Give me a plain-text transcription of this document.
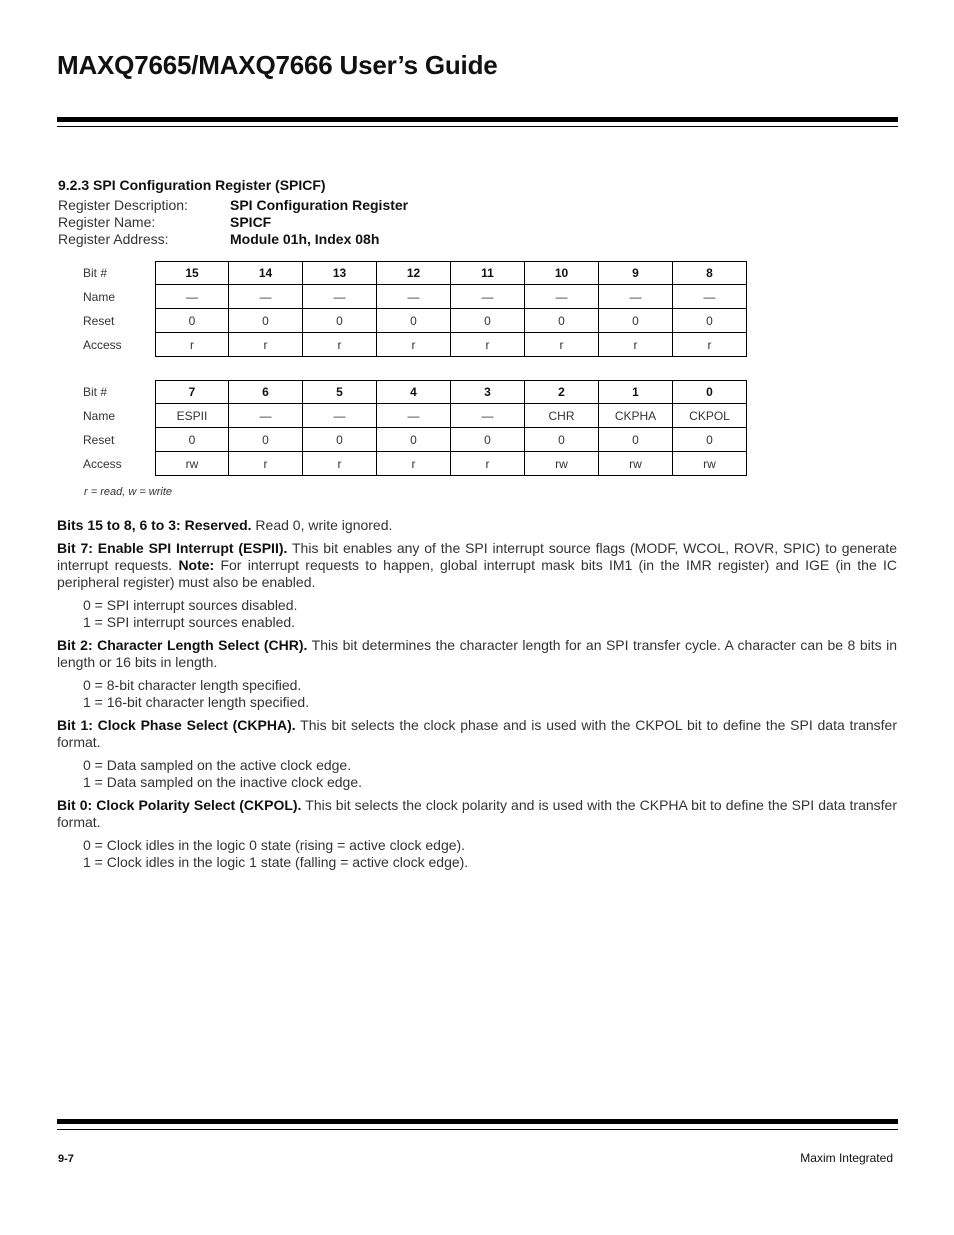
MAXQ7665/MAXQ7666 User’s Guide
9.2.3 SPI Configuration Register (SPICF)
Register Description:	SPI Configuration Register
Register Name:	SPICF
Register Address:	Module 01h, Index 08h
Bit #	15	14	13	12	11	10	9	8
Name	—	—	—	—	—	—	—	—
Reset	0	0	0	0	0	0	0	0
Access	r	r	r	r	r	r	r	r
Bit #	7	6	5	4	3	2	1	0
Name	ESPII	—	—	—	—	CHR	CKPHA	CKPOL
Reset	0	0	0	0	0	0	0	0
Access	rw	r	r	r	r	rw	rw	rw
r = read, w = write

Bits 15 to 8, 6 to 3: Reserved. Read 0, write ignored.

Bit 7: Enable SPI Interrupt (ESPII). This bit enables any of the SPI interrupt source flags (MODF, WCOL, ROVR, SPIC) to generate interrupt requests. Note: For interrupt requests to happen, global interrupt mask bits IM1 (in the IMR register) and IGE (in the IC peripheral register) must also be enabled.

0 = SPI interrupt sources disabled.

1 = SPI interrupt sources enabled.

Bit 2: Character Length Select (CHR). This bit determines the character length for an SPI transfer cycle. A character can be 8 bits in length or 16 bits in length.

0 = 8-bit character length specified.

1 = 16-bit character length specified.

Bit 1: Clock Phase Select (CKPHA). This bit selects the clock phase and is used with the CKPOL bit to define the SPI data transfer format.

0 = Data sampled on the active clock edge.

1 = Data sampled on the inactive clock edge.

Bit 0: Clock Polarity Select (CKPOL). This bit selects the clock polarity and is used with the CKPHA bit to define the SPI data transfer format.

0 = Clock idles in the logic 0 state (rising = active clock edge).

1 = Clock idles in the logic 1 state (falling = active clock edge).

9-7	Maxim Integrated
